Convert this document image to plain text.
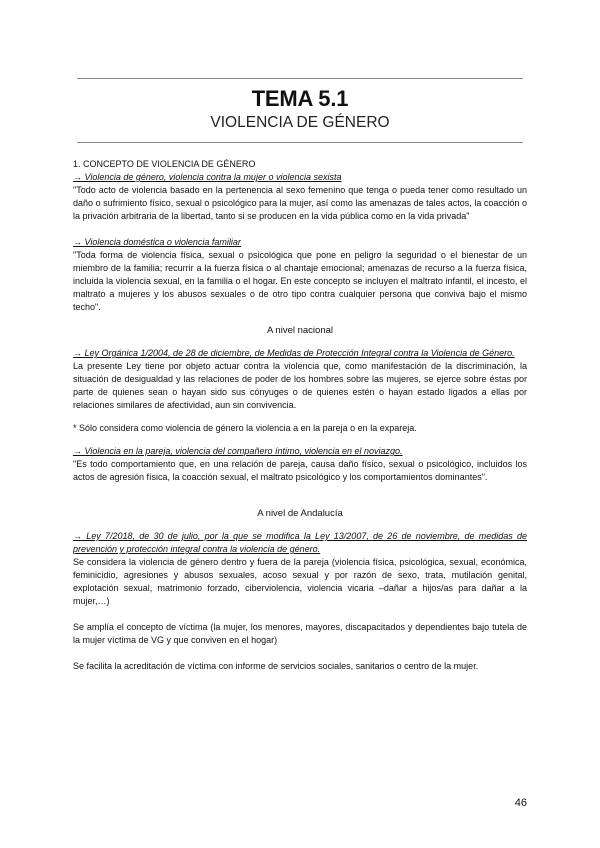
TEMA 5.1
VIOLENCIA DE GÉNERO

1. CONCEPTO DE VIOLENCIA DE GÉNERO

→ Violencia de género, violencia contra la mujer o violencia sexista

"Todo acto de violencia basado en la pertenencia al sexo femenino que tenga o pueda tener como resultado un daño o sufrimiento físico, sexual o psicológico para la mujer, así como las amenazas de tales actos, la coacción o la privación arbitraria de la libertad, tanto si se producen en la vida pública como en la vida privada"

→ Violencia doméstica o violencia familiar

"Toda forma de violencia física, sexual o psicológica que pone en peligro la seguridad o el bienestar de un miembro de la familia; recurrir a la fuerza física o al chantaje emocional; amenazas de recurso a la fuerza física, incluida la violencia sexual, en la familia o el hogar. En este concepto se incluyen el maltrato infantil, el incesto, el maltrato a mujeres y los abusos sexuales o de otro tipo contra cualquier persona que conviva bajo el mismo techo".

A nivel nacional

→ Ley Orgánica 1/2004, de 28 de diciembre, de Medidas de Protección Integral contra la Violencia de Género.

La presente Ley tiene por objeto actuar contra la violencia que, como manifestación de la discriminación, la situación de desigualdad y las relaciones de poder de los hombres sobre las mujeres, se ejerce sobre éstas por parte de quienes sean o hayan sido sus cónyuges o de quienes estén o hayan estado ligados a ellas por relaciones similares de afectividad, aun sin convivencia.

* Sólo considera como violencia de género la violencia a en la pareja o en la expareja.

→ Violencia en la pareja, violencia del compañero íntimo, violencia en el noviazgo.

"Es todo comportamiento que, en una relación de pareja, causa daño físico, sexual o psicológico, incluidos los actos de agresión física, la coacción sexual, el maltrato psicológico y los comportamientos dominantes".

A nivel de Andalucía

→ Ley 7/2018, de 30 de julio, por la que se modifica la Ley 13/2007, de 26 de noviembre, de medidas de prevención y protección integral contra la violencia de género.

Se considera la violencia de género dentro y fuera de la pareja (violencia física, psicológica, sexual, económica, feminicidio, agresiones y abusos sexuales, acoso sexual y por razón de sexo, trata, mutilación genital, explotación sexual, matrimonio forzado, ciberviolencia, violencia vicaria –dañar a hijos/as para dañar a la mujer,…)

Se amplía el concepto de víctima (la mujer, los menores, mayores, discapacitados y dependientes bajo tutela de la mujer víctima de VG y que conviven en el hogar)

Se facilita la acreditación de víctima con informe de servicios sociales, sanitarios o centro de la mujer.

46
